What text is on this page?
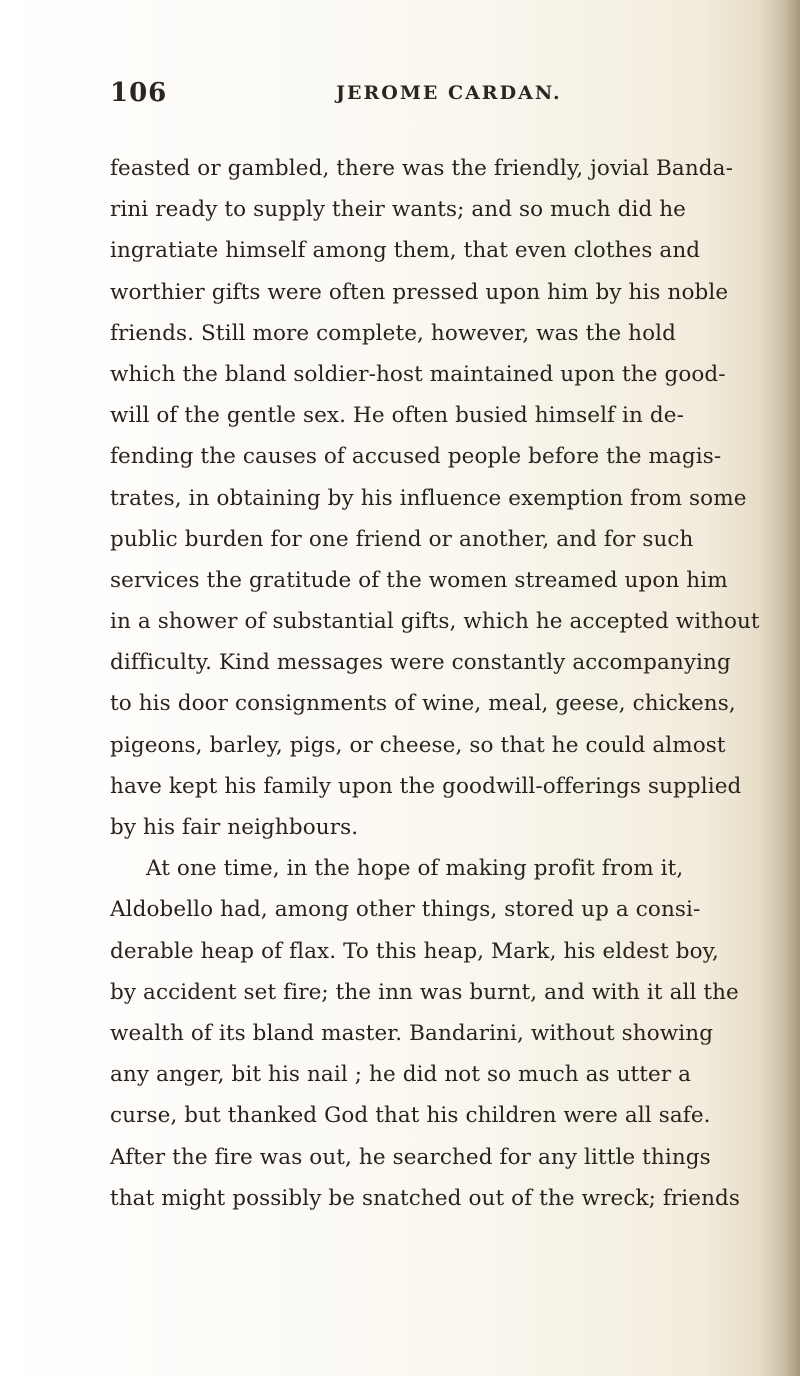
106	JEROME CARDAN.
feasted or gambled, there was the friendly, jovial Banda-
rini ready to supply their wants; and so much did he
ingratiate himself among them, that even clothes and
worthier gifts were often pressed upon him by his noble
friends. Still more complete, however, was the hold
which the bland soldier-host maintained upon the good-
will of the gentle sex. He often busied himself in de-
fending the causes of accused people before the magis-
trates, in obtaining by his influence exemption from some
public burden for one friend or another, and for such
services the gratitude of the women streamed upon him
in a shower of substantial gifts, which he accepted without
difficulty. Kind messages were constantly accompanying
to his door consignments of wine, meal, geese, chickens,
pigeons, barley, pigs, or cheese, so that he could almost
have kept his family upon the goodwill-offerings supplied
by his fair neighbours.
At one time, in the hope of making profit from it,
Aldobello had, among other things, stored up a consi-
derable heap of flax. To this heap, Mark, his eldest boy,
by accident set fire; the inn was burnt, and with it all the
wealth of its bland master. Bandarini, without showing
any anger, bit his nail ; he did not so much as utter a
curse, but thanked God that his children were all safe.
After the fire was out, he searched for any little things
that might possibly be snatched out of the wreck; friends
